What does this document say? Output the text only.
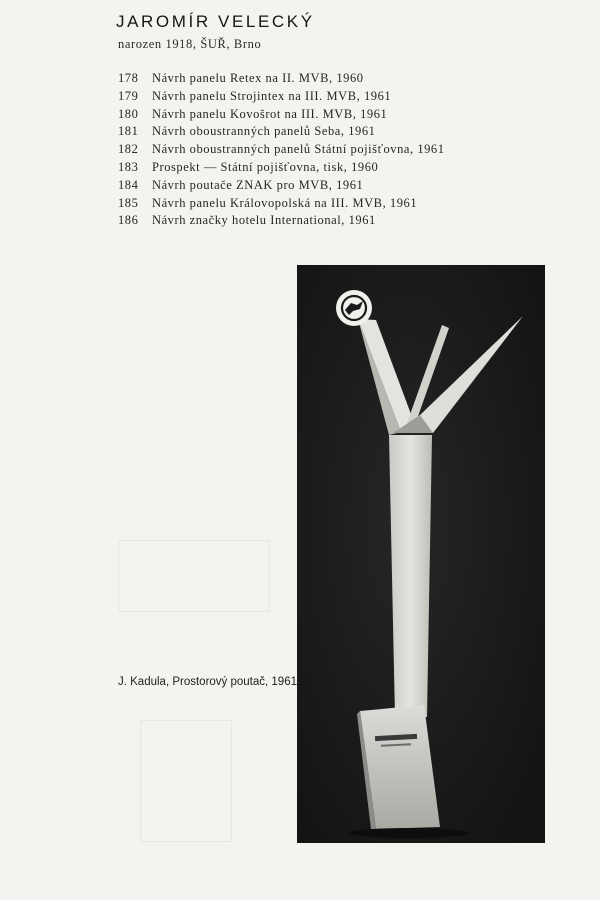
JAROMÍR VELECKÝ
narozen 1918, ŠUŘ, Brno
178 Návrh panelu Retex na II. MVB, 1960
179 Návrh panelu Strojintex na III. MVB, 1961
180 Návrh panelu Kovošrot na III. MVB, 1961
181 Návrh oboustranných panelů Seba, 1961
182 Návrh oboustranných panelů Státní pojišťovna, 1961
183 Prospekt — Státní pojišťovna, tisk, 1960
184 Návrh poutače ZNAK pro MVB, 1961
185 Návrh panelu Královopolská na III. MVB, 1961
186 Návrh značky hotelu International, 1961
J. Kadula, Prostorový poutač, 1961
